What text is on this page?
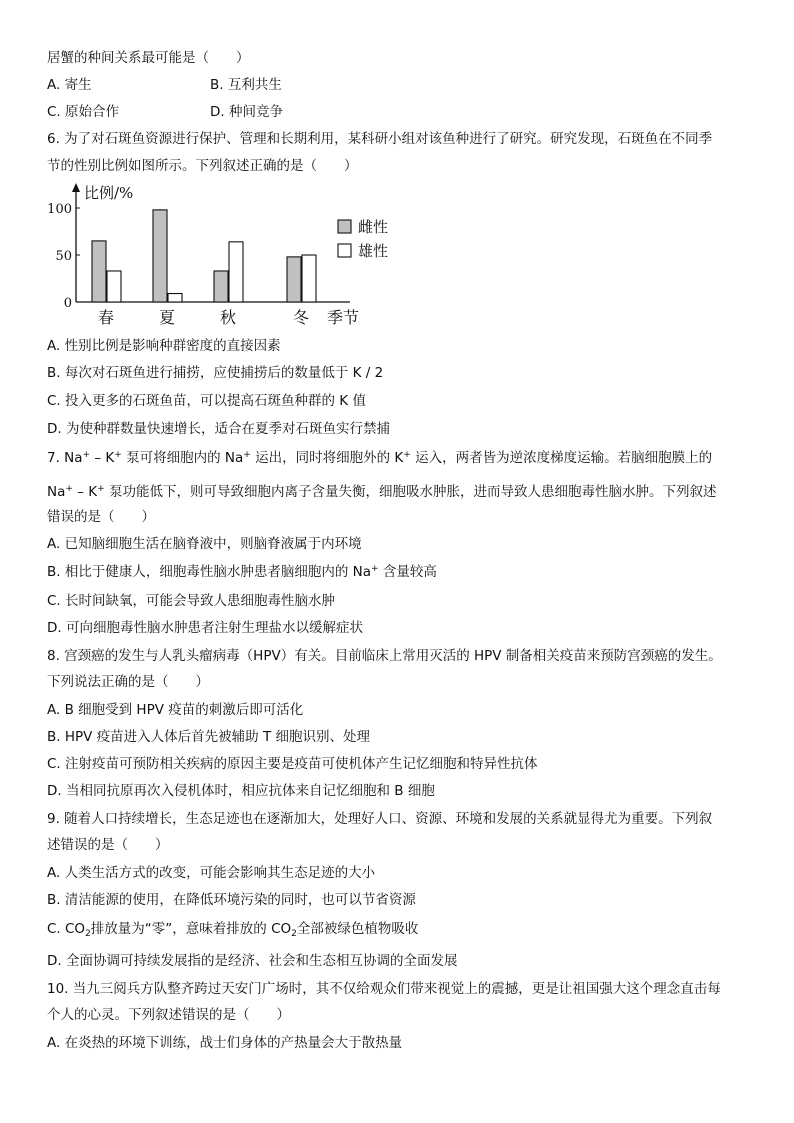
居蟹的种间关系最可能是（　　）
A. 寄生	B. 互利共生
C. 原始合作	D. 种间竞争
6. 为了对石斑鱼资源进行保护、管理和长期利用，某科研小组对该鱼种进行了研究。研究发现，石斑鱼在不同季
节的性别比例如图所示。下列叙述正确的是（　　）
0
50
100
比例/%
春	夏	秋	冬 季节
雌性
雄性
A. 性别比例是影响种群密度的直接因素
B. 每次对石斑鱼进行捕捞，应使捕捞后的数量低于 K / 2
C. 投入更多的石斑鱼苗，可以提高石斑鱼种群的 K 值
D. 为使种群数量快速增长，适合在夏季对石斑鱼实行禁捕
7. Na+ – K+ 泵可将细胞内的 Na+ 运出，同时将细胞外的 K+ 运入，两者皆为逆浓度梯度运输。若脑细胞膜上的
Na+ – K+ 泵功能低下，则可导致细胞内离子含量失衡，细胞吸水肿胀，进而导致人患细胞毒性脑水肿。下列叙述
错误的是（　　）
A. 已知脑细胞生活在脑脊液中，则脑脊液属于内环境
B. 相比于健康人，细胞毒性脑水肿患者脑细胞内的 Na+ 含量较高
C. 长时间缺氧，可能会导致人患细胞毒性脑水肿
D. 可向细胞毒性脑水肿患者注射生理盐水以缓解症状
8. 宫颈癌的发生与人乳头瘤病毒（HPV）有关。目前临床上常用灭活的 HPV 制备相关疫苗来预防宫颈癌的发生。
下列说法正确的是（　　）
A. B 细胞受到 HPV 疫苗的刺激后即可活化
B. HPV 疫苗进入人体后首先被辅助 T 细胞识别、处理
C. 注射疫苗可预防相关疾病的原因主要是疫苗可使机体产生记忆细胞和特异性抗体
D. 当相同抗原再次入侵机体时，相应抗体来自记忆细胞和 B 细胞
9. 随着人口持续增长，生态足迹也在逐渐加大，处理好人口、资源、环境和发展的关系就显得尤为重要。下列叙
述错误的是（　　）
A. 人类生活方式的改变，可能会影响其生态足迹的大小
B. 清洁能源的使用，在降低环境污染的同时，也可以节省资源
C. $CO_2$排放量为“零”，意味着排放的 $CO_2$全部被绿色植物吸收
D. 全面协调可持续发展指的是经济、社会和生态相互协调的全面发展
10. 当九三阅兵方队整齐跨过天安门广场时，其不仅给观众们带来视觉上的震撼，更是让祖国强大这个理念直击每
个人的心灵。下列叙述错误的是（　　）
A. 在炎热的环境下训练，战士们身体的产热量会大于散热量
